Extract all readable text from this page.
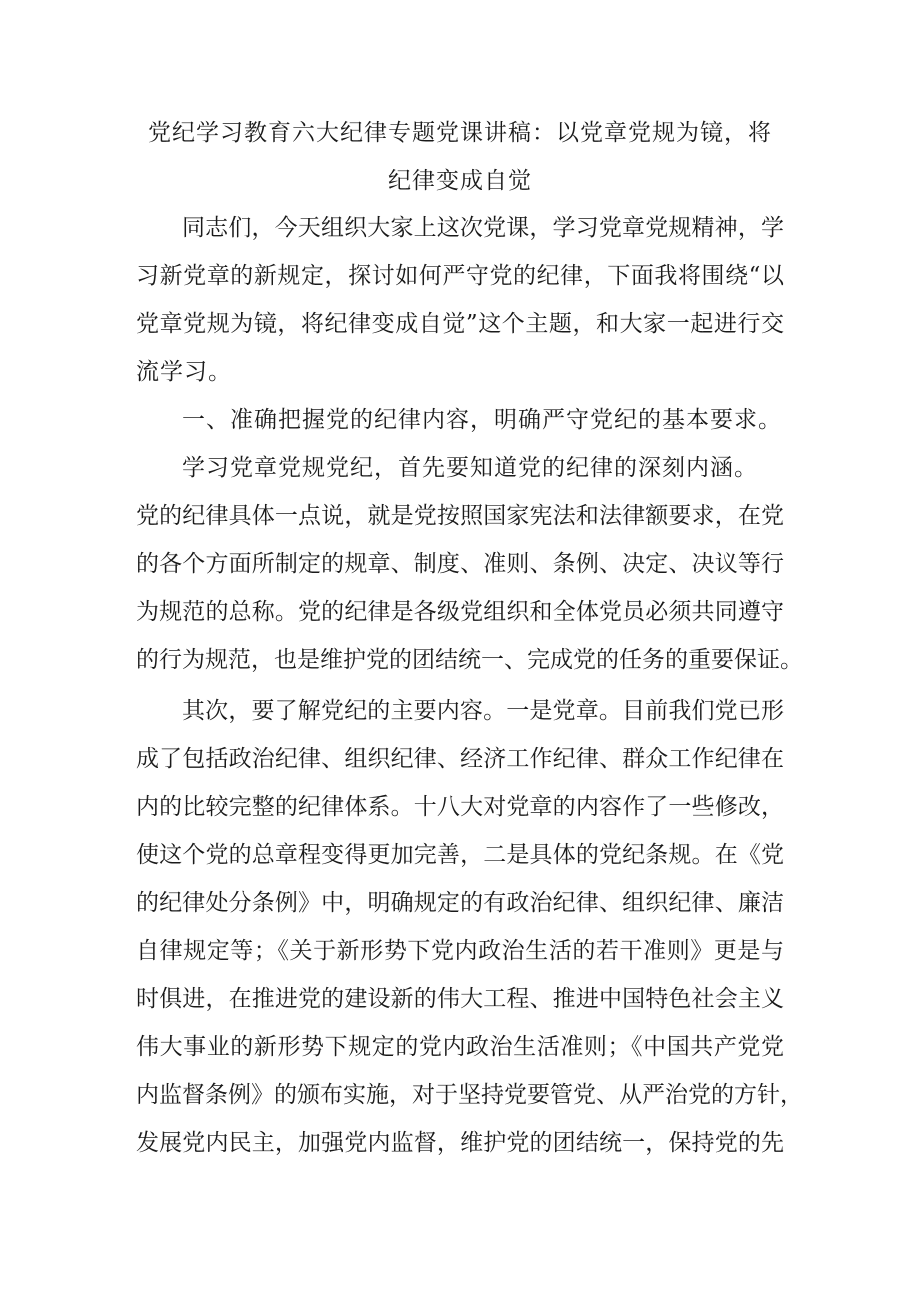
党纪学习教育六大纪律专题党课讲稿：以党章党规为镜，将
纪律变成自觉
同志们，今天组织大家上这次党课，学习党章党规精神，学
习新党章的新规定，探讨如何严守党的纪律，下面我将围绕“以
党章党规为镜，将纪律变成自觉”这个主题，和大家一起进行交
流学习。
一、准确把握党的纪律内容，明确严守党纪的基本要求。
学习党章党规党纪，首先要知道党的纪律的深刻内涵。
党的纪律具体一点说，就是党按照国家宪法和法律额要求，在党
的各个方面所制定的规章、制度、准则、条例、决定、决议等行
为规范的总称。党的纪律是各级党组织和全体党员必须共同遵守
的行为规范，也是维护党的团结统一、完成党的任务的重要保证。
其次，要了解党纪的主要内容。一是党章。目前我们党已形
成了包括政治纪律、组织纪律、经济工作纪律、群众工作纪律在
内的比较完整的纪律体系。十八大对党章的内容作了一些修改，
使这个党的总章程变得更加完善，二是具体的党纪条规。在《党
的纪律处分条例》中，明确规定的有政治纪律、组织纪律、廉洁
自律规定等；《关于新形势下党内政治生活的若干准则》更是与
时俱进，在推进党的建设新的伟大工程、推进中国特色社会主义
伟大事业的新形势下规定的党内政治生活准则；《中国共产党党
内监督条例》的颁布实施，对于坚持党要管党、从严治党的方针，
发展党内民主，加强党内监督，维护党的团结统一，保持党的先
